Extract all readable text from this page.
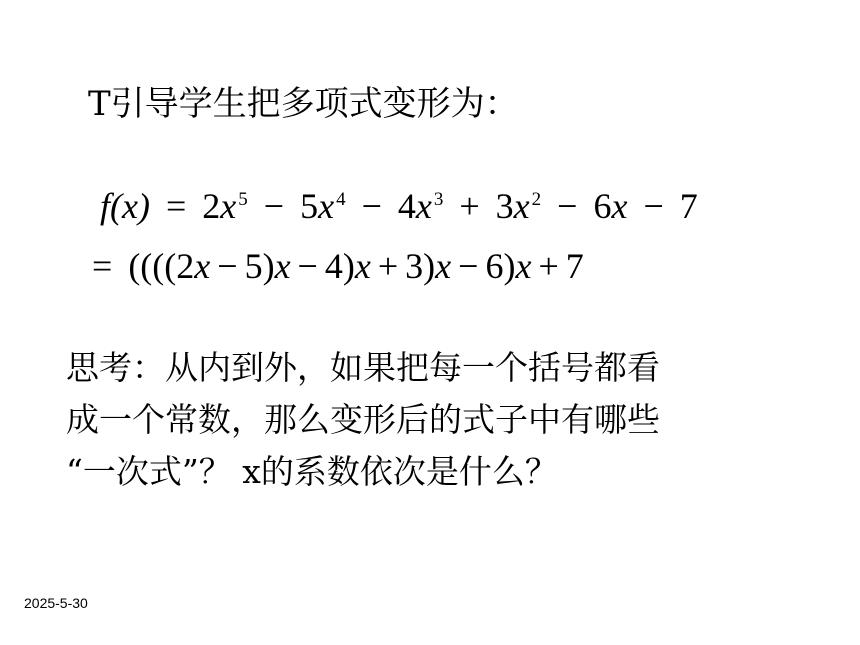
T引导学生把多项式变形为：
f(x) = 2x $^5$ − 5x $^4$ − 4x $^3$ + 3x $^2$ − 6x − 7
= ((((2x − 5)x − 4)x + 3)x − 6)x + 7
思考：从内到外，如果把每一个括号都看
成一个常数，那么变形后的式子中有哪些
“一次式”？ x的系数依次是什么？
2025-5-30
